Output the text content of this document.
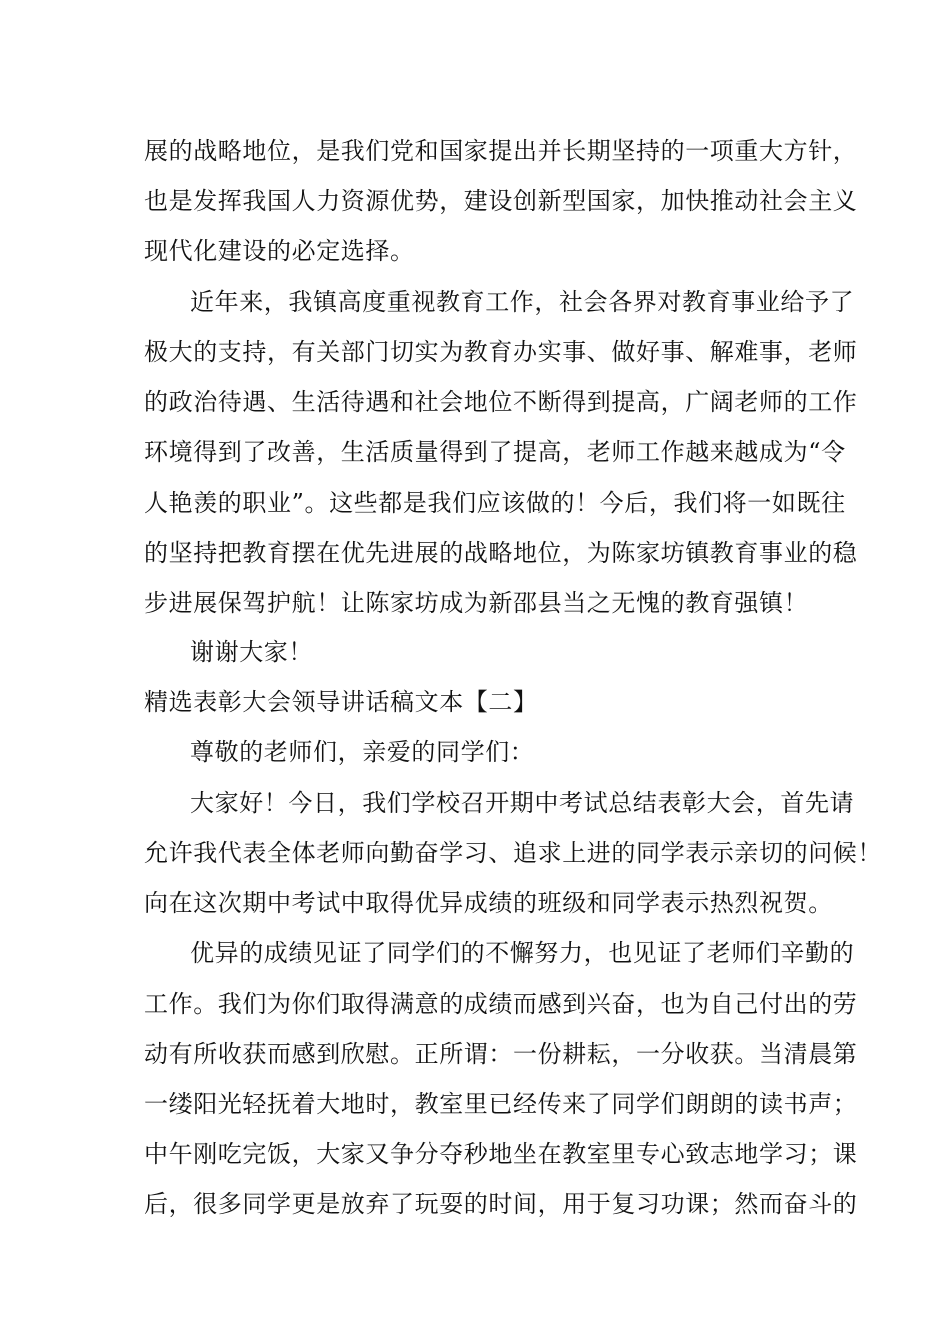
展的战略地位，是我们党和国家提出并长期坚持的一项重大方针，
也是发挥我国人力资源优势，建设创新型国家，加快推动社会主义
现代化建设的必定选择。
近年来，我镇高度重视教育工作，社会各界对教育事业给予了
极大的支持，有关部门切实为教育办实事、做好事、解难事，老师
的政治待遇、生活待遇和社会地位不断得到提高，广阔老师的工作
环境得到了改善，生活质量得到了提高，老师工作越来越成为“令
人艳羡的职业”。这些都是我们应该做的！今后，我们将一如既往
的坚持把教育摆在优先进展的战略地位，为陈家坊镇教育事业的稳
步进展保驾护航！让陈家坊成为新邵县当之无愧的教育强镇！
谢谢大家！
精选表彰大会领导讲话稿文本【二】
尊敬的老师们，亲爱的同学们：
大家好！今日，我们学校召开期中考试总结表彰大会，首先请
允许我代表全体老师向勤奋学习、追求上进的同学表示亲切的问候！
向在这次期中考试中取得优异成绩的班级和同学表示热烈祝贺。
优异的成绩见证了同学们的不懈努力，也见证了老师们辛勤的
工作。我们为你们取得满意的成绩而感到兴奋，也为自己付出的劳
动有所收获而感到欣慰。正所谓：一份耕耘，一分收获。当清晨第
一缕阳光轻抚着大地时，教室里已经传来了同学们朗朗的读书声；
中午刚吃完饭，大家又争分夺秒地坐在教室里专心致志地学习；课
后，很多同学更是放弃了玩耍的时间，用于复习功课；然而奋斗的
